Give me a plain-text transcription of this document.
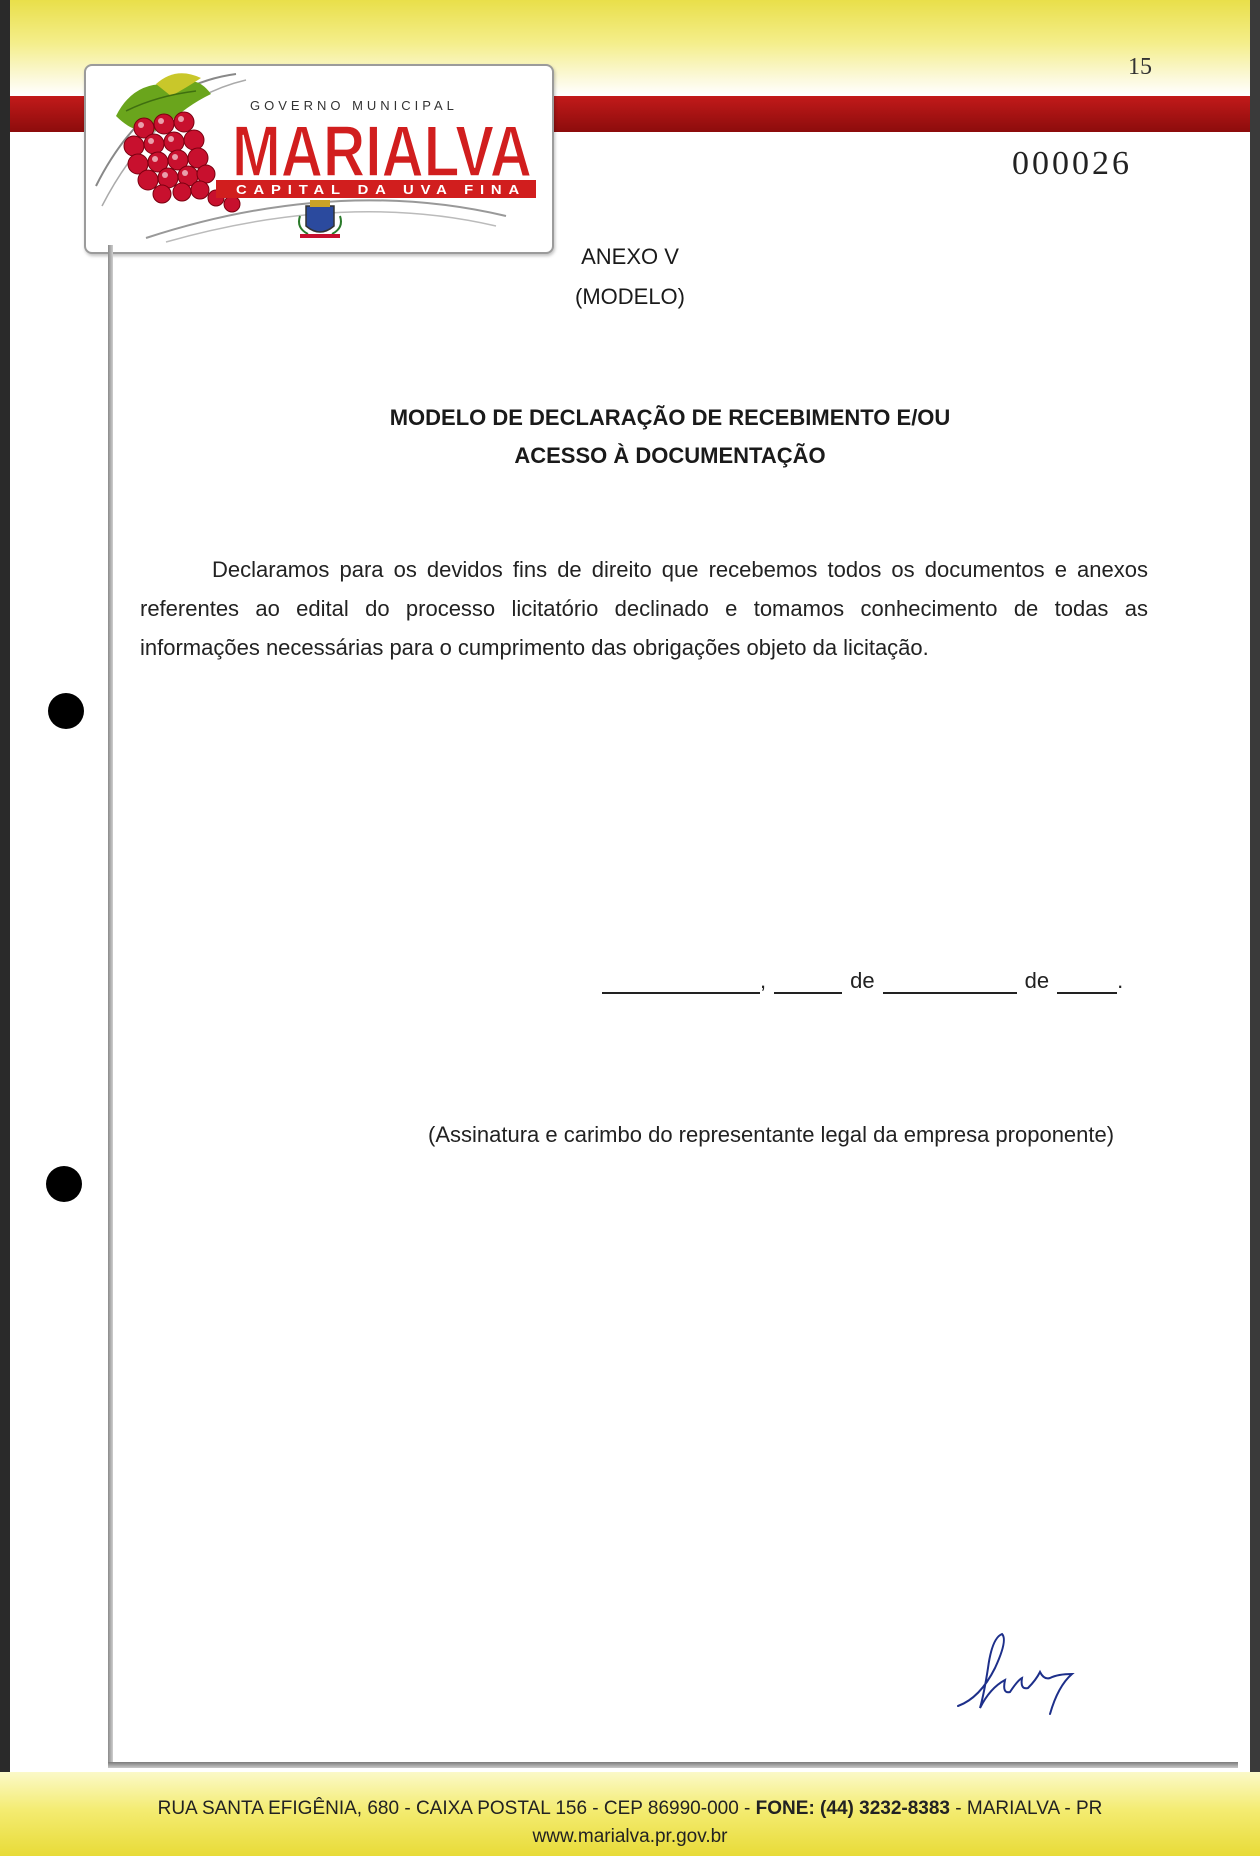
15
000026
GOVERNO MUNICIPAL
MARIALVA
CAPITAL DA UVA FINA
ANEXO V
(MODELO)
MODELO DE DECLARAÇÃO DE RECEBIMENTO E/OU
ACESSO À DOCUMENTAÇÃO
Declaramos para os devidos fins de direito que recebemos todos os documentos e anexos referentes ao edital do processo licitatório declinado e tomamos conhecimento de todas as informações necessárias para o cumprimento das obrigações objeto da licitação.
,	de	de	.
(Assinatura e carimbo do representante legal da empresa proponente)
RUA SANTA EFIGÊNIA, 680 - CAIXA POSTAL 156 - CEP 86990-000 - FONE: (44) 3232-8383 - MARIALVA - PR
www.marialva.pr.gov.br
